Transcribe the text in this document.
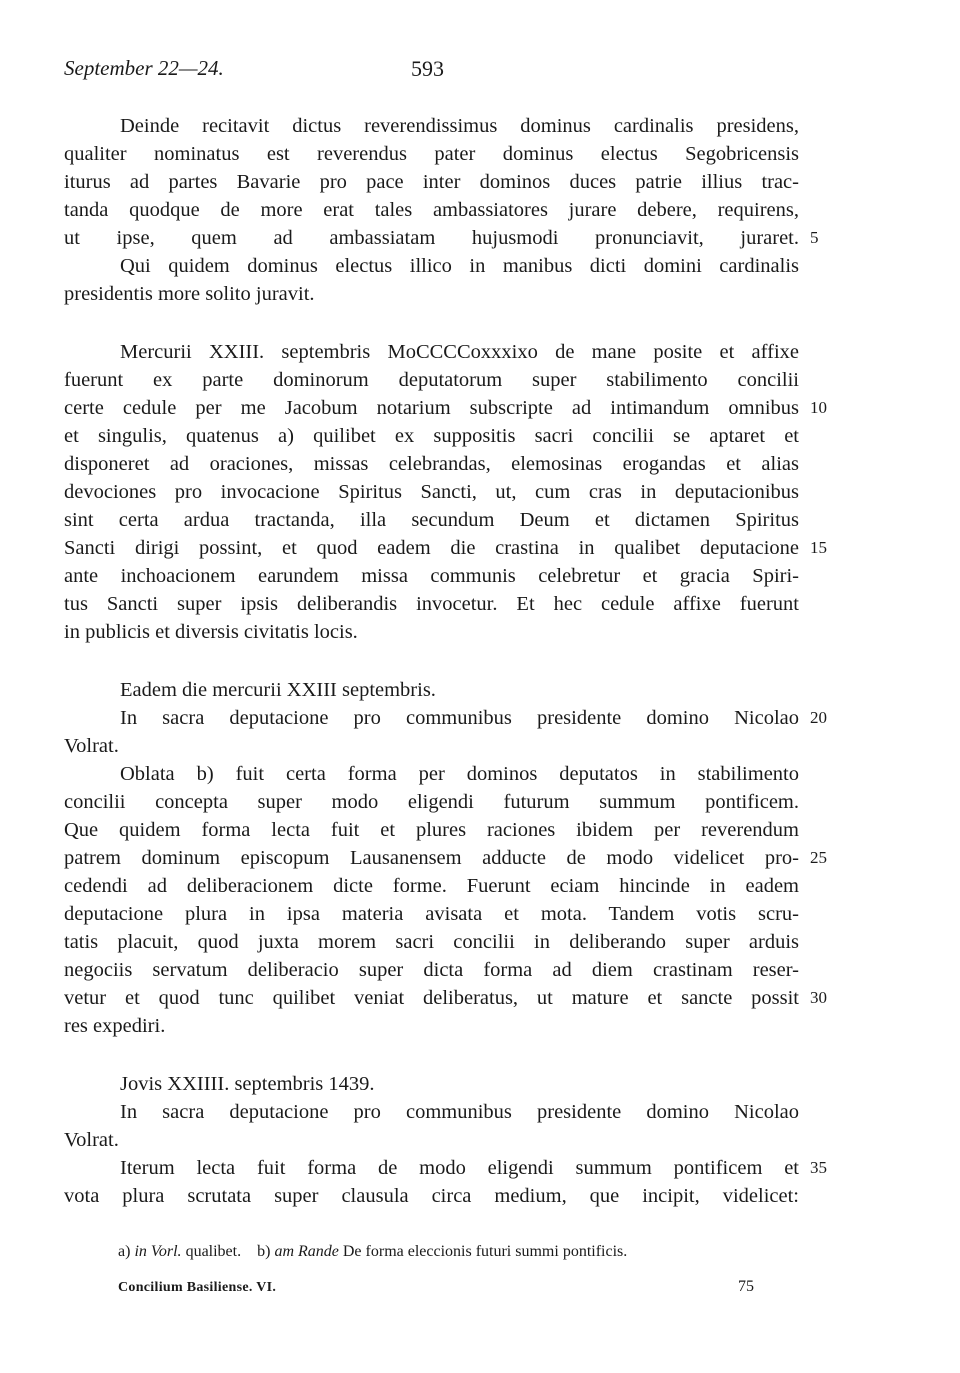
September 22—24.	593
Deinde recitavit dictus reverendissimus dominus cardinalis presidens,
qualiter nominatus est reverendus pater dominus electus Segobricensis
iturus ad partes Bavarie pro pace inter dominos duces patrie illius trac-
tanda quodque de more erat tales ambassiatores jurare debere, requirens,
ut ipse, quem ad ambassiatam hujusmodi pronunciavit, juraret.
Qui quidem dominus electus illico in manibus dicti domini cardinalis
presidentis more solito juravit.
Mercurii XXIII. septembris MoCCCCoxxxixo de mane posite et affixe
fuerunt ex parte dominorum deputatorum super stabilimento concilii
certe cedule per me Jacobum notarium subscripte ad intimandum omnibus
et singulis, quatenus a) quilibet ex suppositis sacri concilii se aptaret et
disponeret ad oraciones, missas celebrandas, elemosinas erogandas et alias
devociones pro invocacione Spiritus Sancti, ut, cum cras in deputacionibus
sint certa ardua tractanda, illa secundum Deum et dictamen Spiritus
Sancti dirigi possint, et quod eadem die crastina in qualibet deputacione
ante inchoacionem earundem missa communis celebretur et gracia Spiri-
tus Sancti super ipsis deliberandis invocetur. Et hec cedule affixe fuerunt
in publicis et diversis civitatis locis.
Eadem die mercurii XXIII septembris.
In sacra deputacione pro communibus presidente domino Nicolao
Volrat.
Oblata b) fuit certa forma per dominos deputatos in stabilimento
concilii concepta super modo eligendi futurum summum pontificem.
Que quidem forma lecta fuit et plures raciones ibidem per reverendum
patrem dominum episcopum Lausanensem adducte de modo videlicet pro-
cedendi ad deliberacionem dicte forme. Fuerunt eciam hincinde in eadem
deputacione plura in ipsa materia avisata et mota. Tandem votis scru-
tatis placuit, quod juxta morem sacri concilii in deliberando super arduis
negociis servatum deliberacio super dicta forma ad diem crastinam reser-
vetur et quod tunc quilibet veniat deliberatus, ut mature et sancte possit
res expediri.
Jovis XXIIII. septembris 1439.
In sacra deputacione pro communibus presidente domino Nicolao
Volrat.
Iterum lecta fuit forma de modo eligendi summum pontificem et
vota plura scrutata super clausula circa medium, que incipit, videlicet:
5
10
15
20
25
30
35
a) in Vorl. qualibet. b) am Rande De forma eleccionis futuri summi pontificis.
Concilium Basiliense. VI.	75
